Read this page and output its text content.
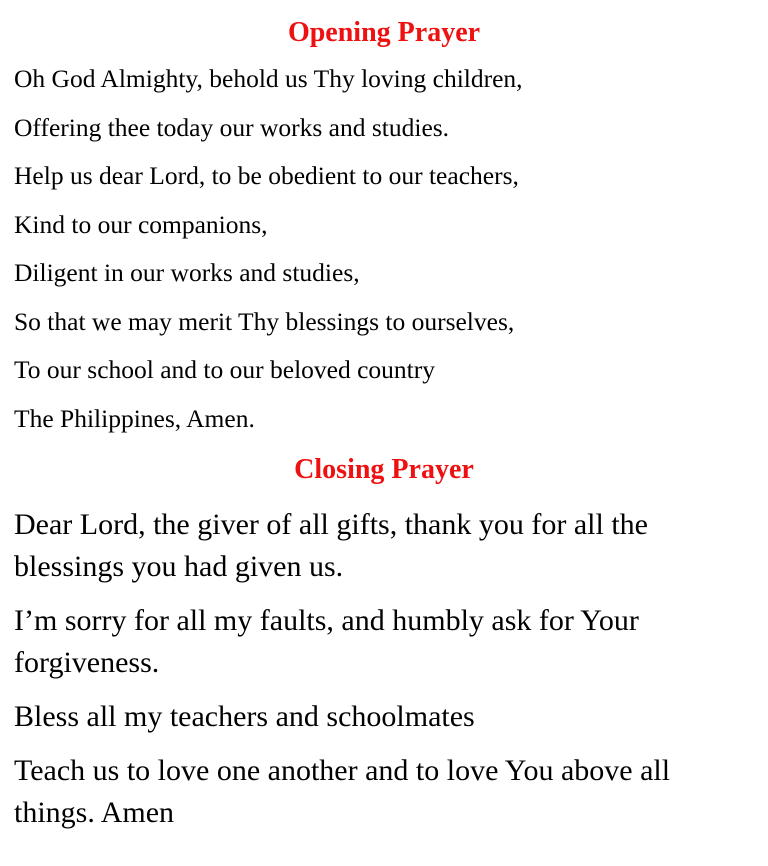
Opening Prayer
Oh God Almighty, behold us Thy loving children,
Offering thee today our works and studies.
Help us dear Lord, to be obedient to our teachers,
Kind to our companions,
Diligent in our works and studies,
So that we may merit Thy blessings to ourselves,
To our school and to our beloved country
The Philippines, Amen.
Closing Prayer

Dear Lord, the giver of all gifts, thank you for all the blessings you had given us.

I’m sorry for all my faults, and humbly ask for Your forgiveness.

Bless all my teachers and schoolmates

Teach us to love one another and to love You above all things. Amen
